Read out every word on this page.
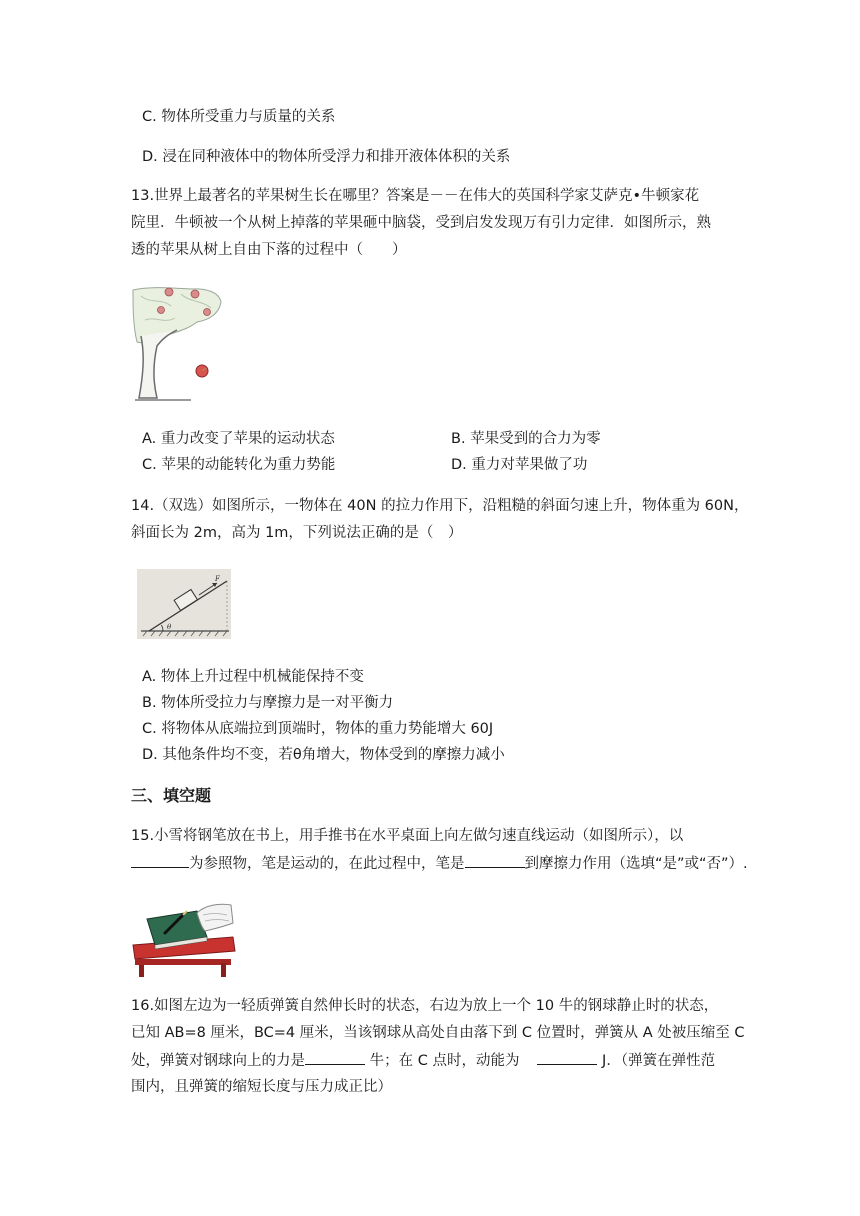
C. 物体所受重力与质量的关系
D. 浸在同种液体中的物体所受浮力和排开液体体积的关系
13.世界上最著名的苹果树生长在哪里？答案是－－在伟大的英国科学家艾萨克•牛顿家花
院里．牛顿被一个从树上掉落的苹果砸中脑袋，受到启发发现万有引力定律．如图所示，熟
透的苹果从树上自由下落的过程中（　　）
A. 重力改变了苹果的运动状态	B. 苹果受到的合力为零
C. 苹果的动能转化为重力势能	D. 重力对苹果做了功
14.（双选）如图所示，一物体在 40N 的拉力作用下，沿粗糙的斜面匀速上升，物体重为 60N，
斜面长为 2m，高为 1m，下列说法正确的是（　）
F
θ
A. 物体上升过程中机械能保持不变
B. 物体所受拉力与摩擦力是一对平衡力
C. 将物体从底端拉到顶端时，物体的重力势能增大 60J
D. 其他条件均不变，若θ角增大，物体受到的摩擦力减小
三、填空题
15.小雪将钢笔放在书上，用手推书在水平桌面上向左做匀速直线运动（如图所示），以
为参照物，笔是运动的，在此过程中，笔是	到摩擦力作用（选填“是”或“否”）.
16.如图左边为一轻质弹簧自然伸长时的状态，右边为放上一个 10 牛的钢球静止时的状态，
已知 AB=8 厘米，BC=4 厘米，当该钢球从高处自由落下到 C 位置时，弹簧从 A 处被压缩至 C
处，弹簧对钢球向上的力是	牛；在 C 点时，动能为	J．（弹簧在弹性范
围内，且弹簧的缩短长度与压力成正比）
